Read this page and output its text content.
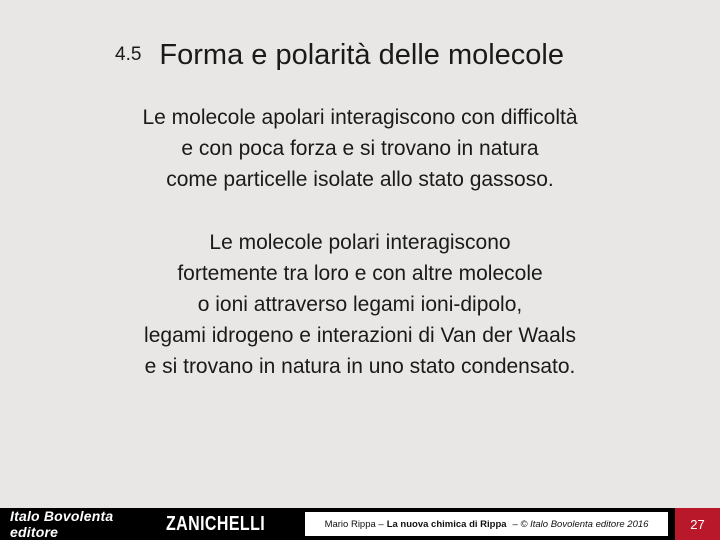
4.5 Forma e polarità delle molecole
Le molecole apolari interagiscono con difficoltà
e con poca forza e si trovano in natura
come particelle isolate allo stato gassoso.
Le molecole polari interagiscono
fortemente tra loro e con altre molecole
o ioni attraverso legami ioni-dipolo,
legami idrogeno e interazioni di Van der Waals
e si trovano in natura in uno stato condensato.
Italo Bovolenta editore	ZANICHELLI	Mario Rippa – La nuova chimica di Rippa – © Italo Bovolenta editore 2016	27
